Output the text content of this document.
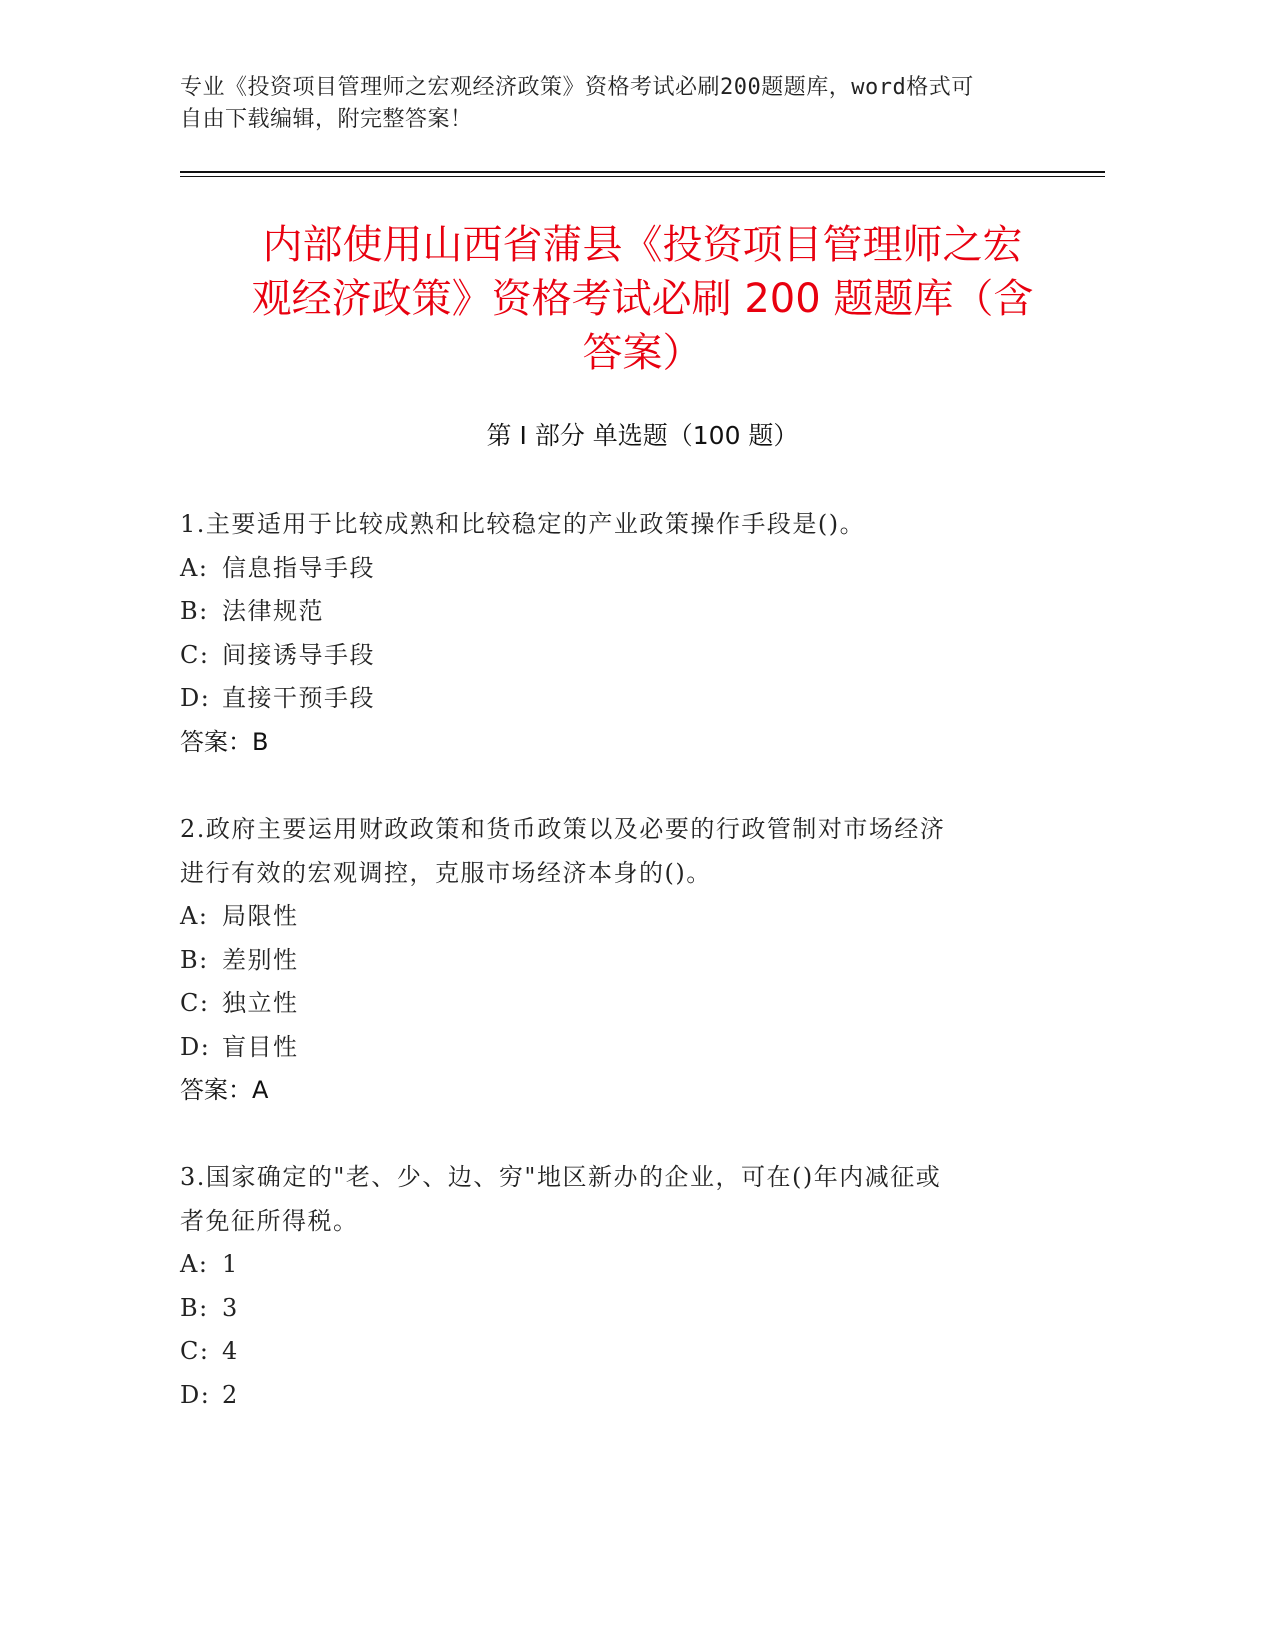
专业《投资项目管理师之宏观经济政策》资格考试必刷200题题库，word格式可
自由下载编辑，附完整答案！
内部使用山西省蒲县《投资项目管理师之宏
观经济政策》资格考试必刷 200 题题库（含
答案）
第 I 部分 单选题（100 题）
1.主要适用于比较成熟和比较稳定的产业政策操作手段是()。
A: 信息指导手段
B: 法律规范
C: 间接诱导手段
D: 直接干预手段
答案：B
2.政府主要运用财政政策和货币政策以及必要的行政管制对市场经济
进行有效的宏观调控，克服市场经济本身的()。
A: 局限性
B: 差别性
C: 独立性
D: 盲目性
答案：A
3.国家确定的"老、少、边、穷"地区新办的企业，可在()年内减征或
者免征所得税。
A: 1
B: 3
C: 4
D: 2
